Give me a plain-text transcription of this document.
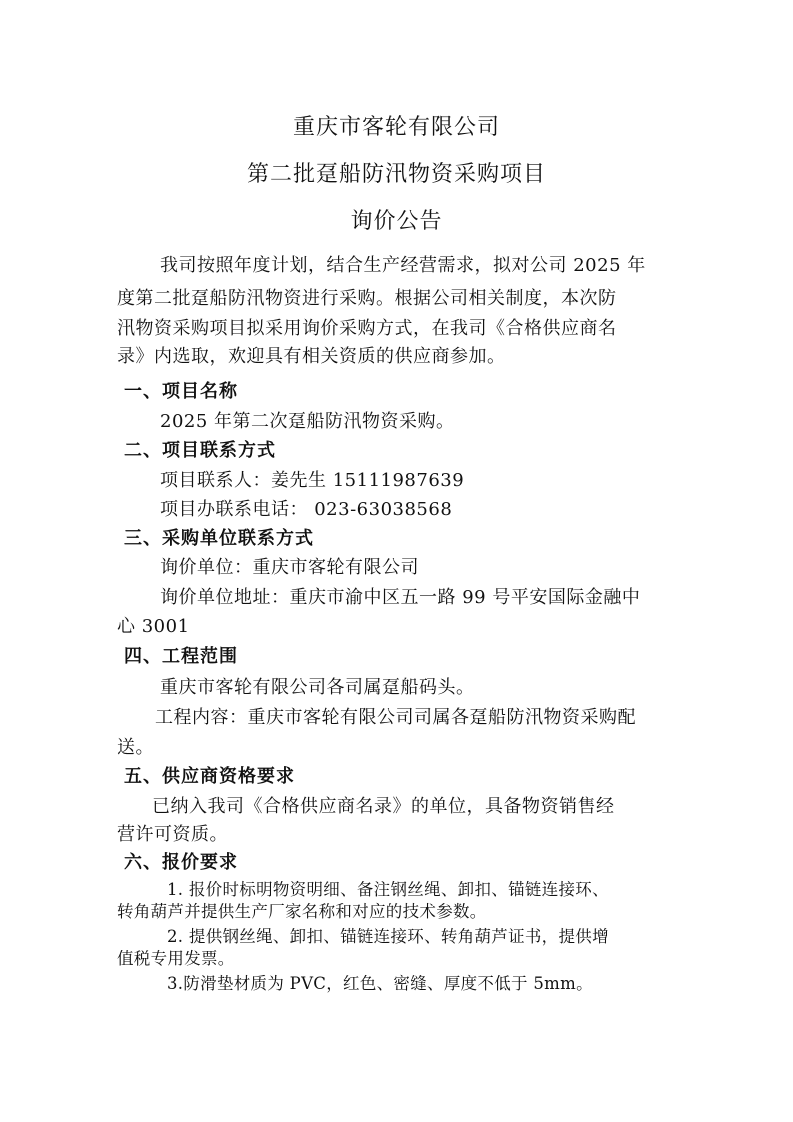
重庆市客轮有限公司
第二批趸船防汛物资采购项目
询价公告
我司按照年度计划，结合生产经营需求，拟对公司 2025 年
度第二批趸船防汛物资进行采购。根据公司相关制度，本次防
汛物资采购项目拟采用询价采购方式，在我司《合格供应商名
录》内选取，欢迎具有相关资质的供应商参加。
一、项目名称
2025 年第二次趸船防汛物资采购。
二、项目联系方式
项目联系人：姜先生 15111987639
项目办联系电话： 023-63038568
三、采购单位联系方式
询价单位：重庆市客轮有限公司
询价单位地址：重庆市渝中区五一路 99 号平安国际金融中
心 3001
四、工程范围
重庆市客轮有限公司各司属趸船码头。
工程内容：重庆市客轮有限公司司属各趸船防汛物资采购配
送。
五、供应商资格要求
已纳入我司《合格供应商名录》的单位，具备物资销售经
营许可资质。
六、报价要求
1. 报价时标明物资明细、备注钢丝绳、卸扣、锚链连接环、
转角葫芦并提供生产厂家名称和对应的技术参数。
2. 提供钢丝绳、卸扣、锚链连接环、转角葫芦证书，提供增
值税专用发票。
3.防滑垫材质为 PVC，红色、密缝、厚度不低于 5mm。
